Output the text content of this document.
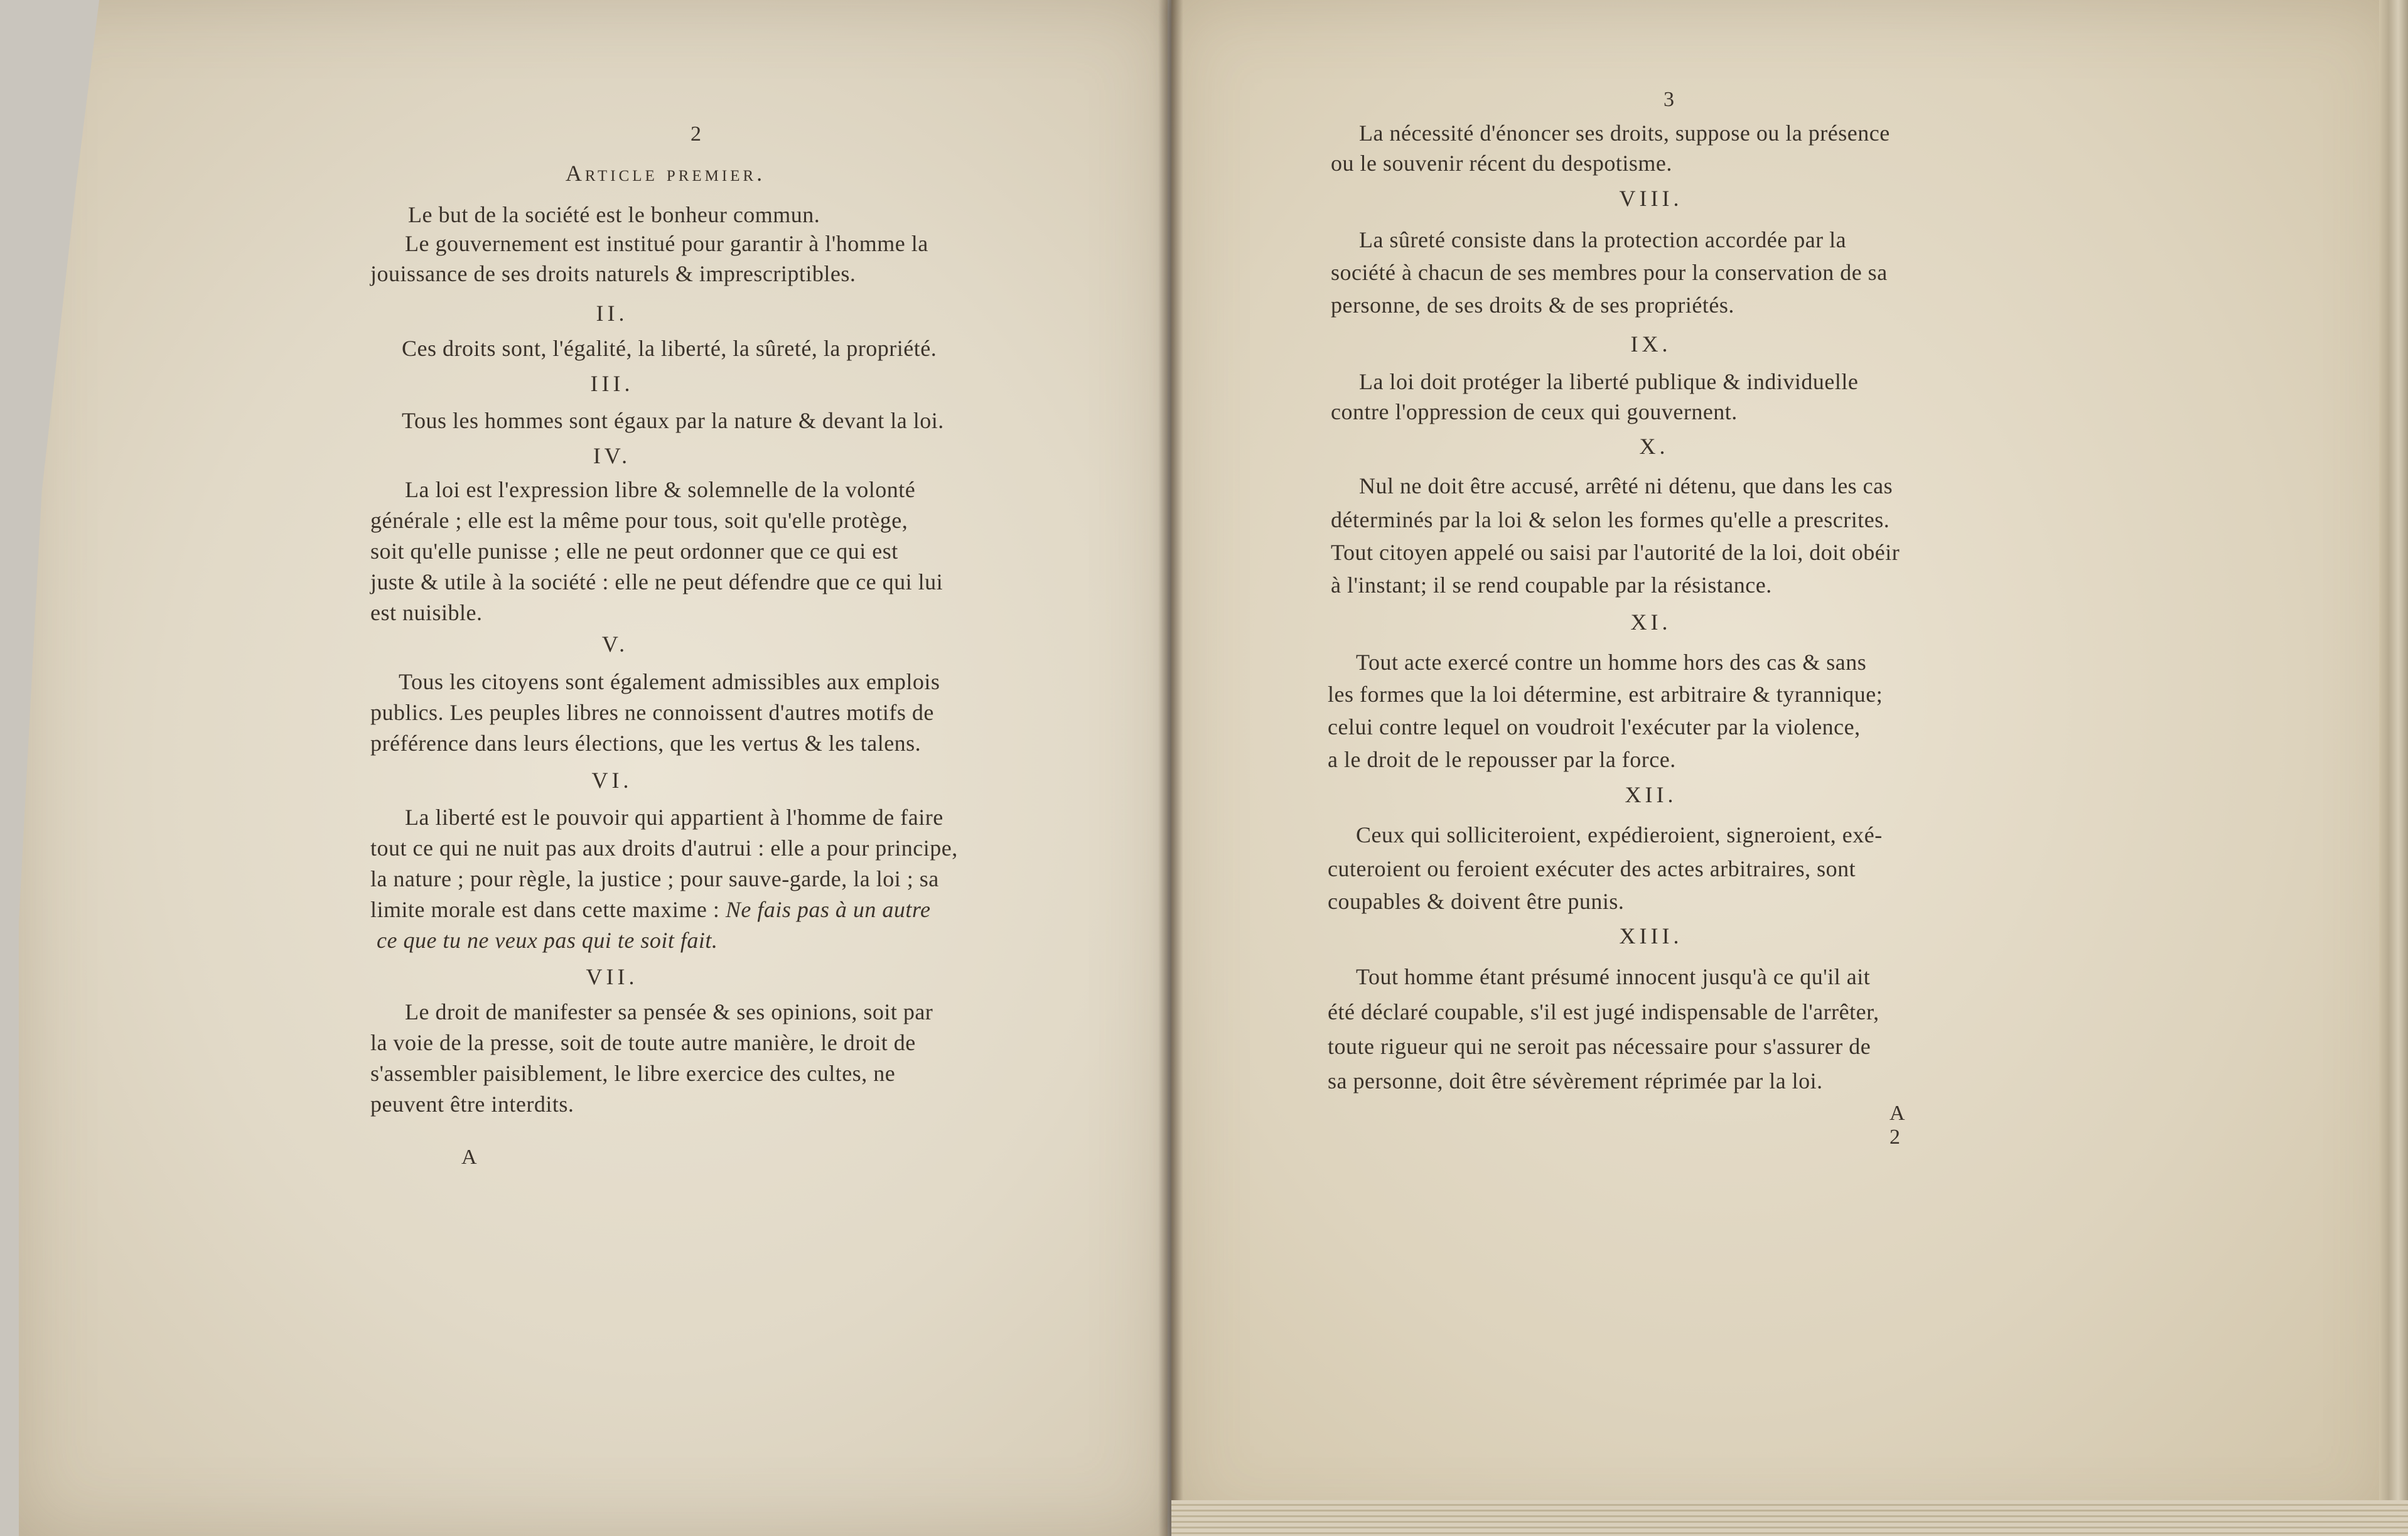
2
Article premier.
Le but de la société est le bonheur commun.
Le gouvernement est institué pour garantir à l'homme la
jouissance de ses droits naturels & imprescriptibles.
II.
Ces droits sont, l'égalité, la liberté, la sûreté, la propriété.
III.
Tous les hommes sont égaux par la nature & devant la loi.
IV.
La loi est l'expression libre & solemnelle de la volonté
générale ; elle est la même pour tous, soit qu'elle protège,
soit qu'elle punisse ; elle ne peut ordonner que ce qui est
juste & utile à la société : elle ne peut défendre que ce qui lui
est nuisible.
V.
Tous les citoyens sont également admissibles aux emplois
publics. Les peuples libres ne connoissent d'autres motifs de
préférence dans leurs élections, que les vertus & les talens.
VI.
La liberté est le pouvoir qui appartient à l'homme de faire
tout ce qui ne nuit pas aux droits d'autrui : elle a pour principe,
la nature ; pour règle, la justice ; pour sauve-garde, la loi ; sa
limite morale est dans cette maxime : Ne fais pas à un autre
ce que tu ne veux pas qui te soit fait.
VII.
Le droit de manifester sa pensée & ses opinions, soit par
la voie de la presse, soit de toute autre manière, le droit de
s'assembler paisiblement, le libre exercice des cultes, ne
peuvent être interdits.
A
3
La nécessité d'énoncer ses droits, suppose ou la présence
ou le souvenir récent du despotisme.
VIII.
La sûreté consiste dans la protection accordée par la
société à chacun de ses membres pour la conservation de sa
personne, de ses droits & de ses propriétés.
IX.
La loi doit protéger la liberté publique & individuelle
contre l'oppression de ceux qui gouvernent.
X.
Nul ne doit être accusé, arrêté ni détenu, que dans les cas
déterminés par la loi & selon les formes qu'elle a prescrites.
Tout citoyen appelé ou saisi par l'autorité de la loi, doit obéir
à l'instant; il se rend coupable par la résistance.
XI.
Tout acte exercé contre un homme hors des cas & sans
les formes que la loi détermine, est arbitraire & tyrannique;
celui contre lequel on voudroit l'exécuter par la violence,
a le droit de le repousser par la force.
XII.
Ceux qui solliciteroient, expédieroient, signeroient, exé-
cuteroient ou feroient exécuter des actes arbitraires, sont
coupables & doivent être punis.
XIII.
Tout homme étant présumé innocent jusqu'à ce qu'il ait
été déclaré coupable, s'il est jugé indispensable de l'arrêter,
toute rigueur qui ne seroit pas nécessaire pour s'assurer de
sa personne, doit être sévèrement réprimée par la loi.
A 2
